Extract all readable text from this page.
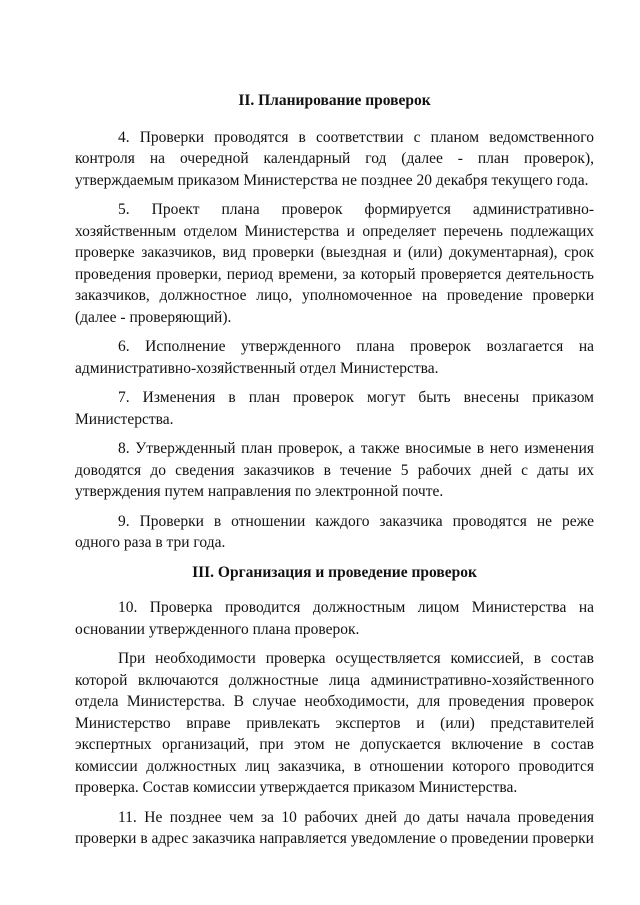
II. Планирование проверок

4. Проверки проводятся в соответствии с планом ведомственного контроля на очередной календарный год (далее - план проверок), утверждаемым приказом Министерства не позднее 20 декабря текущего года.

5. Проект плана проверок формируется административно-хозяйственным отделом Министерства и определяет перечень подлежащих проверке заказчиков, вид проверки (выездная и (или) документарная), срок проведения проверки, период времени, за который проверяется деятельность заказчиков, должностное лицо, уполномоченное на проведение проверки (далее - проверяющий).

6. Исполнение утвержденного плана проверок возлагается на административно-хозяйственный отдел Министерства.

7. Изменения в план проверок могут быть внесены приказом Министерства.

8. Утвержденный план проверок, а также вносимые в него изменения доводятся до сведения заказчиков в течение 5 рабочих дней с даты их утверждения путем направления по электронной почте.

9. Проверки в отношении каждого заказчика проводятся не реже одного раза в три года.

III. Организация и проведение проверок

10. Проверка проводится должностным лицом Министерства на основании утвержденного плана проверок.

При необходимости проверка осуществляется комиссией, в состав которой включаются должностные лица административно-хозяйственного отдела Министерства. В случае необходимости, для проведения проверок Министерство вправе привлекать экспертов и (или) представителей экспертных организаций, при этом не допускается включение в состав комиссии должностных лиц заказчика, в отношении которого проводится проверка. Состав комиссии утверждается приказом Министерства.

11. Не позднее чем за 10 рабочих дней до даты начала проведения проверки в адрес заказчика направляется уведомление о проведении проверки
